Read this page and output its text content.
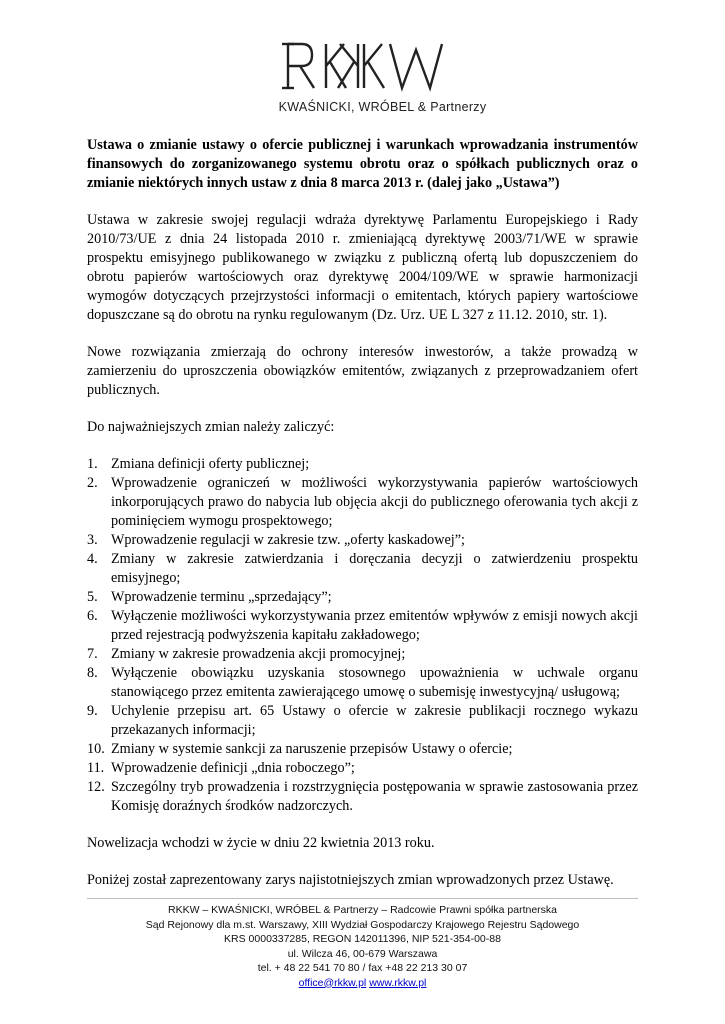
KWAŚNICKI, WRÓBEL & Partnerzy

Ustawa o zmianie ustawy o ofercie publicznej i warunkach wprowadzania instrumentów finansowych do zorganizowanego systemu obrotu oraz o spółkach publicznych oraz o zmianie niektórych innych ustaw z dnia 8 marca 2013 r. (dalej jako „Ustawa”)

Ustawa w zakresie swojej regulacji wdraża dyrektywę Parlamentu Europejskiego i Rady 2010/73/UE z dnia 24 listopada 2010 r. zmieniającą dyrektywę 2003/71/WE w sprawie prospektu emisyjnego publikowanego w związku z publiczną ofertą lub dopuszczeniem do obrotu papierów wartościowych oraz dyrektywę 2004/109/WE w sprawie harmonizacji wymogów dotyczących przejrzystości informacji o emitentach, których papiery wartościowe dopuszczane są do obrotu na rynku regulowanym (Dz. Urz. UE L 327 z 11.12. 2010, str. 1).

Nowe rozwiązania zmierzają do ochrony interesów inwestorów, a także prowadzą w zamierzeniu do uproszczenia obowiązków emitentów, związanych z przeprowadzaniem ofert publicznych.

Do najważniejszych zmian należy zaliczyć:

1. Zmiana definicji oferty publicznej;
2. Wprowadzenie ograniczeń w możliwości wykorzystywania papierów wartościowych inkorporujących prawo do nabycia lub objęcia akcji do publicznego oferowania tych akcji z pominięciem wymogu prospektowego;
3. Wprowadzenie regulacji w zakresie tzw. „oferty kaskadowej”;
4. Zmiany w zakresie zatwierdzania i doręczania decyzji o zatwierdzeniu prospektu emisyjnego;
5. Wprowadzenie terminu „sprzedający”;
6. Wyłączenie możliwości wykorzystywania przez emitentów wpływów z emisji nowych akcji przed rejestracją podwyższenia kapitału zakładowego;
7. Zmiany w zakresie prowadzenia akcji promocyjnej;
8. Wyłączenie obowiązku uzyskania stosownego upoważnienia w uchwale organu stanowiącego przez emitenta zawierającego umowę o subemisję inwestycyjną/ usługową;
9. Uchylenie przepisu art. 65 Ustawy o ofercie w zakresie publikacji rocznego wykazu przekazanych informacji;
10. Zmiany w systemie sankcji za naruszenie przepisów Ustawy o ofercie;
11. Wprowadzenie definicji „dnia roboczego”;
12. Szczególny tryb prowadzenia i rozstrzygnięcia postępowania w sprawie zastosowania przez Komisję doraźnych środków nadzorczych.

Nowelizacja wchodzi w życie w dniu 22 kwietnia 2013 roku.

Poniżej został zaprezentowany zarys najistotniejszych zmian wprowadzonych przez Ustawę.

RKKW – KWAŚNICKI, WRÓBEL & Partnerzy – Radcowie Prawni spółka partnerska
Sąd Rejonowy dla m.st. Warszawy, XIII Wydział Gospodarczy Krajowego Rejestru Sądowego
KRS 0000337285, REGON 142011396, NIP 521-354-00-88
ul. Wilcza 46, 00-679 Warszawa
tel. + 48 22 541 70 80 / fax +48 22 213 30 07
office@rkkw.pl www.rkkw.pl
